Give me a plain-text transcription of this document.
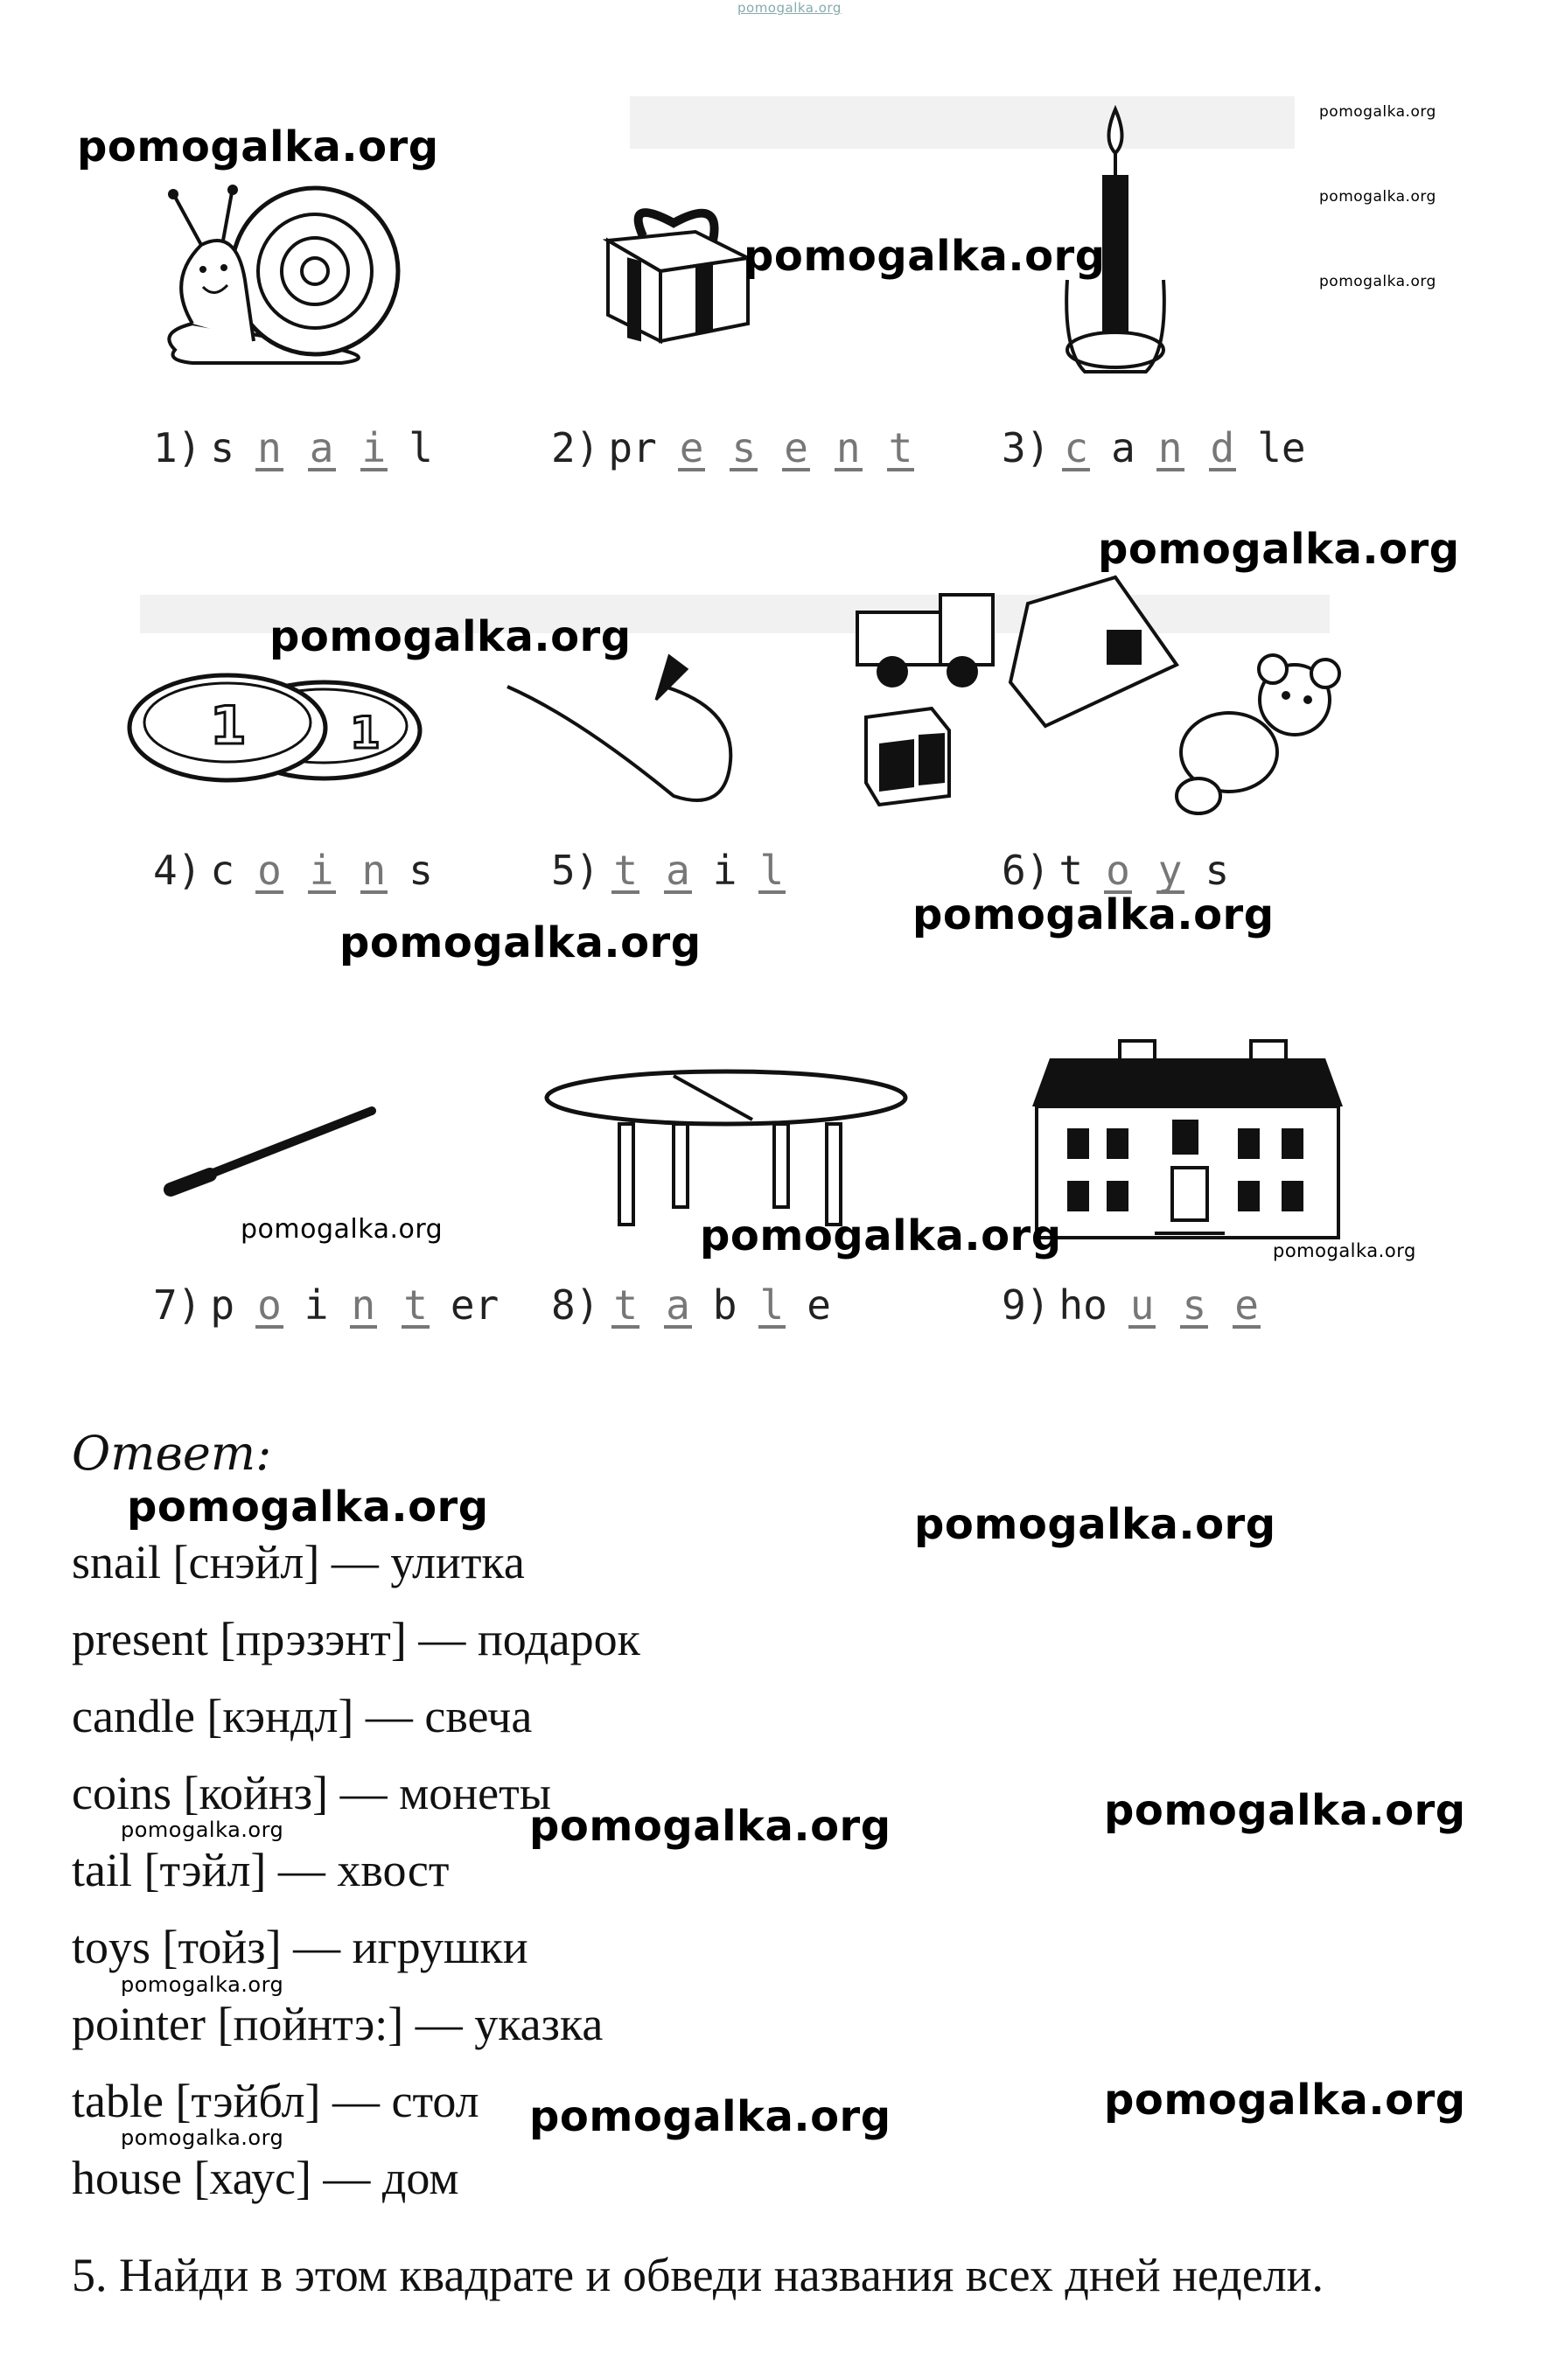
pomogalka.org
1 1
1) s n a i l	2) pr e s e n t	3) c a n d le
4) c o i n s	5) t a i l	6) t o y s
7) p o i n t er 8) t a b l e	9) ho u s e
Ответ:
snail [снэйл] — улитка
present [прэзэнт] — подарок
candle [кэндл] — свеча
coins [койнз] — монеты
tail [тэйл] — хвост
toys [тойз] — игрушки
pointer [пойнтэ:] — указка
table [тэйбл] — стол
house [хаус] — дом
5. Найди в этом квадрате и обведи названия всех дней недели.
pomogalka.org
pomogalka.org
pomogalka.org
pomogalka.org
pomogalka.org
pomogalka.org
pomogalka.org
pomogalka.org
pomogalka.org
pomogalka.org	pomogalka.org	pomogalka.org
pomogalka.org	pomogalka.org
pomogalka.org	pomogalka.org
pomogalka.org
pomogalka.org
pomogalka.org	pomogalka.org
pomogalka.org
